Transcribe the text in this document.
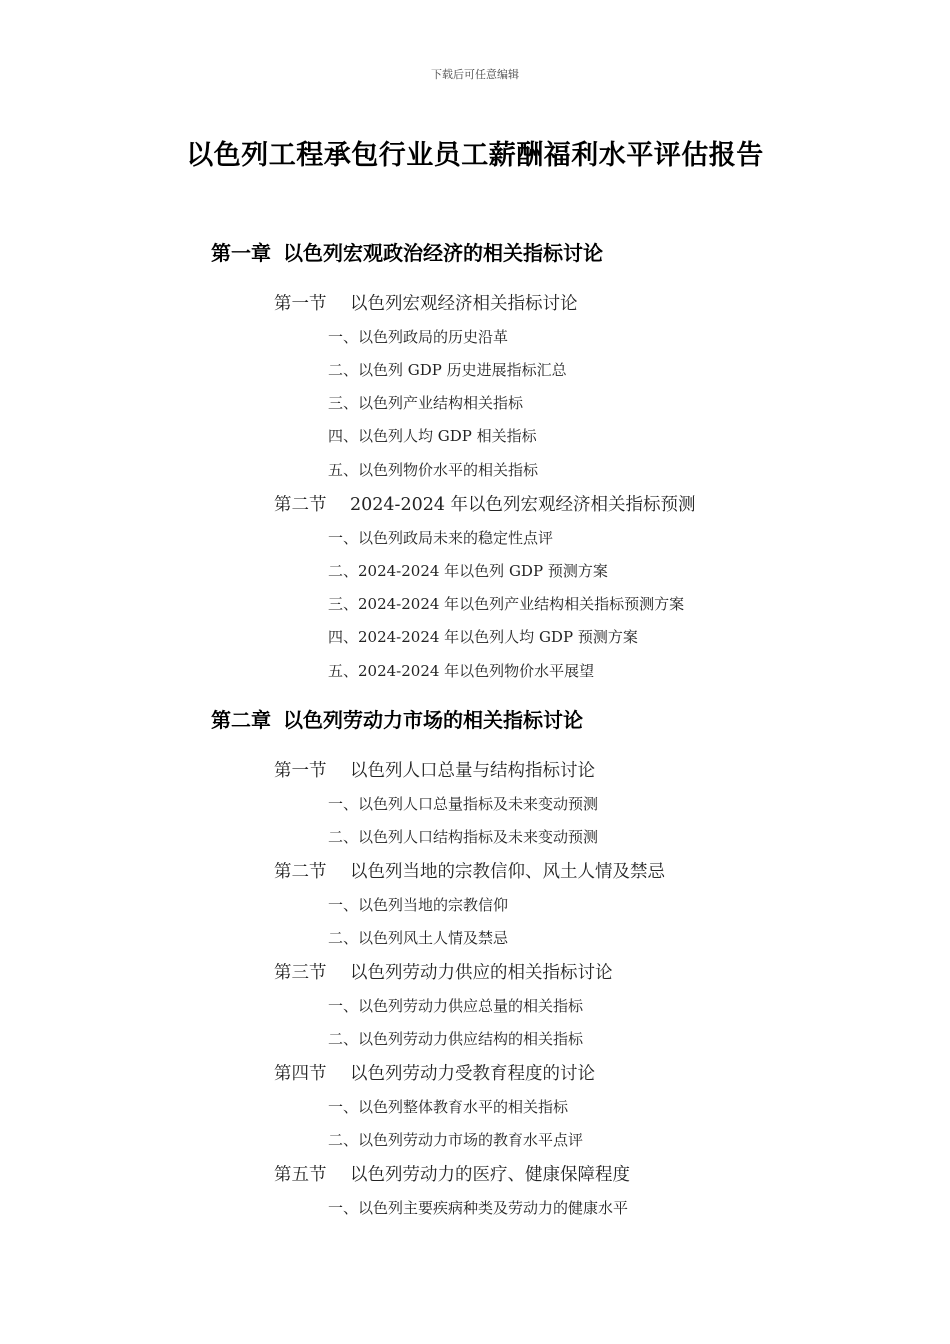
下载后可任意编辑
以色列工程承包行业员工薪酬福利水平评估报告
第一章 以色列宏观政治经济的相关指标讨论
第一节 以色列宏观经济相关指标讨论
一、以色列政局的历史沿革
二、以色列 GDP 历史进展指标汇总
三、以色列产业结构相关指标
四、以色列人均 GDP 相关指标
五、以色列物价水平的相关指标
第二节 2024-2024 年以色列宏观经济相关指标预测
一、以色列政局未来的稳定性点评
二、2024-2024 年以色列 GDP 预测方案
三、2024-2024 年以色列产业结构相关指标预测方案
四、2024-2024 年以色列人均 GDP 预测方案
五、2024-2024 年以色列物价水平展望
第二章 以色列劳动力市场的相关指标讨论
第一节 以色列人口总量与结构指标讨论
一、以色列人口总量指标及未来变动预测
二、以色列人口结构指标及未来变动预测
第二节 以色列当地的宗教信仰、风土人情及禁忌
一、以色列当地的宗教信仰
二、以色列风土人情及禁忌
第三节 以色列劳动力供应的相关指标讨论
一、以色列劳动力供应总量的相关指标
二、以色列劳动力供应结构的相关指标
第四节 以色列劳动力受教育程度的讨论
一、以色列整体教育水平的相关指标
二、以色列劳动力市场的教育水平点评
第五节 以色列劳动力的医疗、健康保障程度
一、以色列主要疾病种类及劳动力的健康水平
